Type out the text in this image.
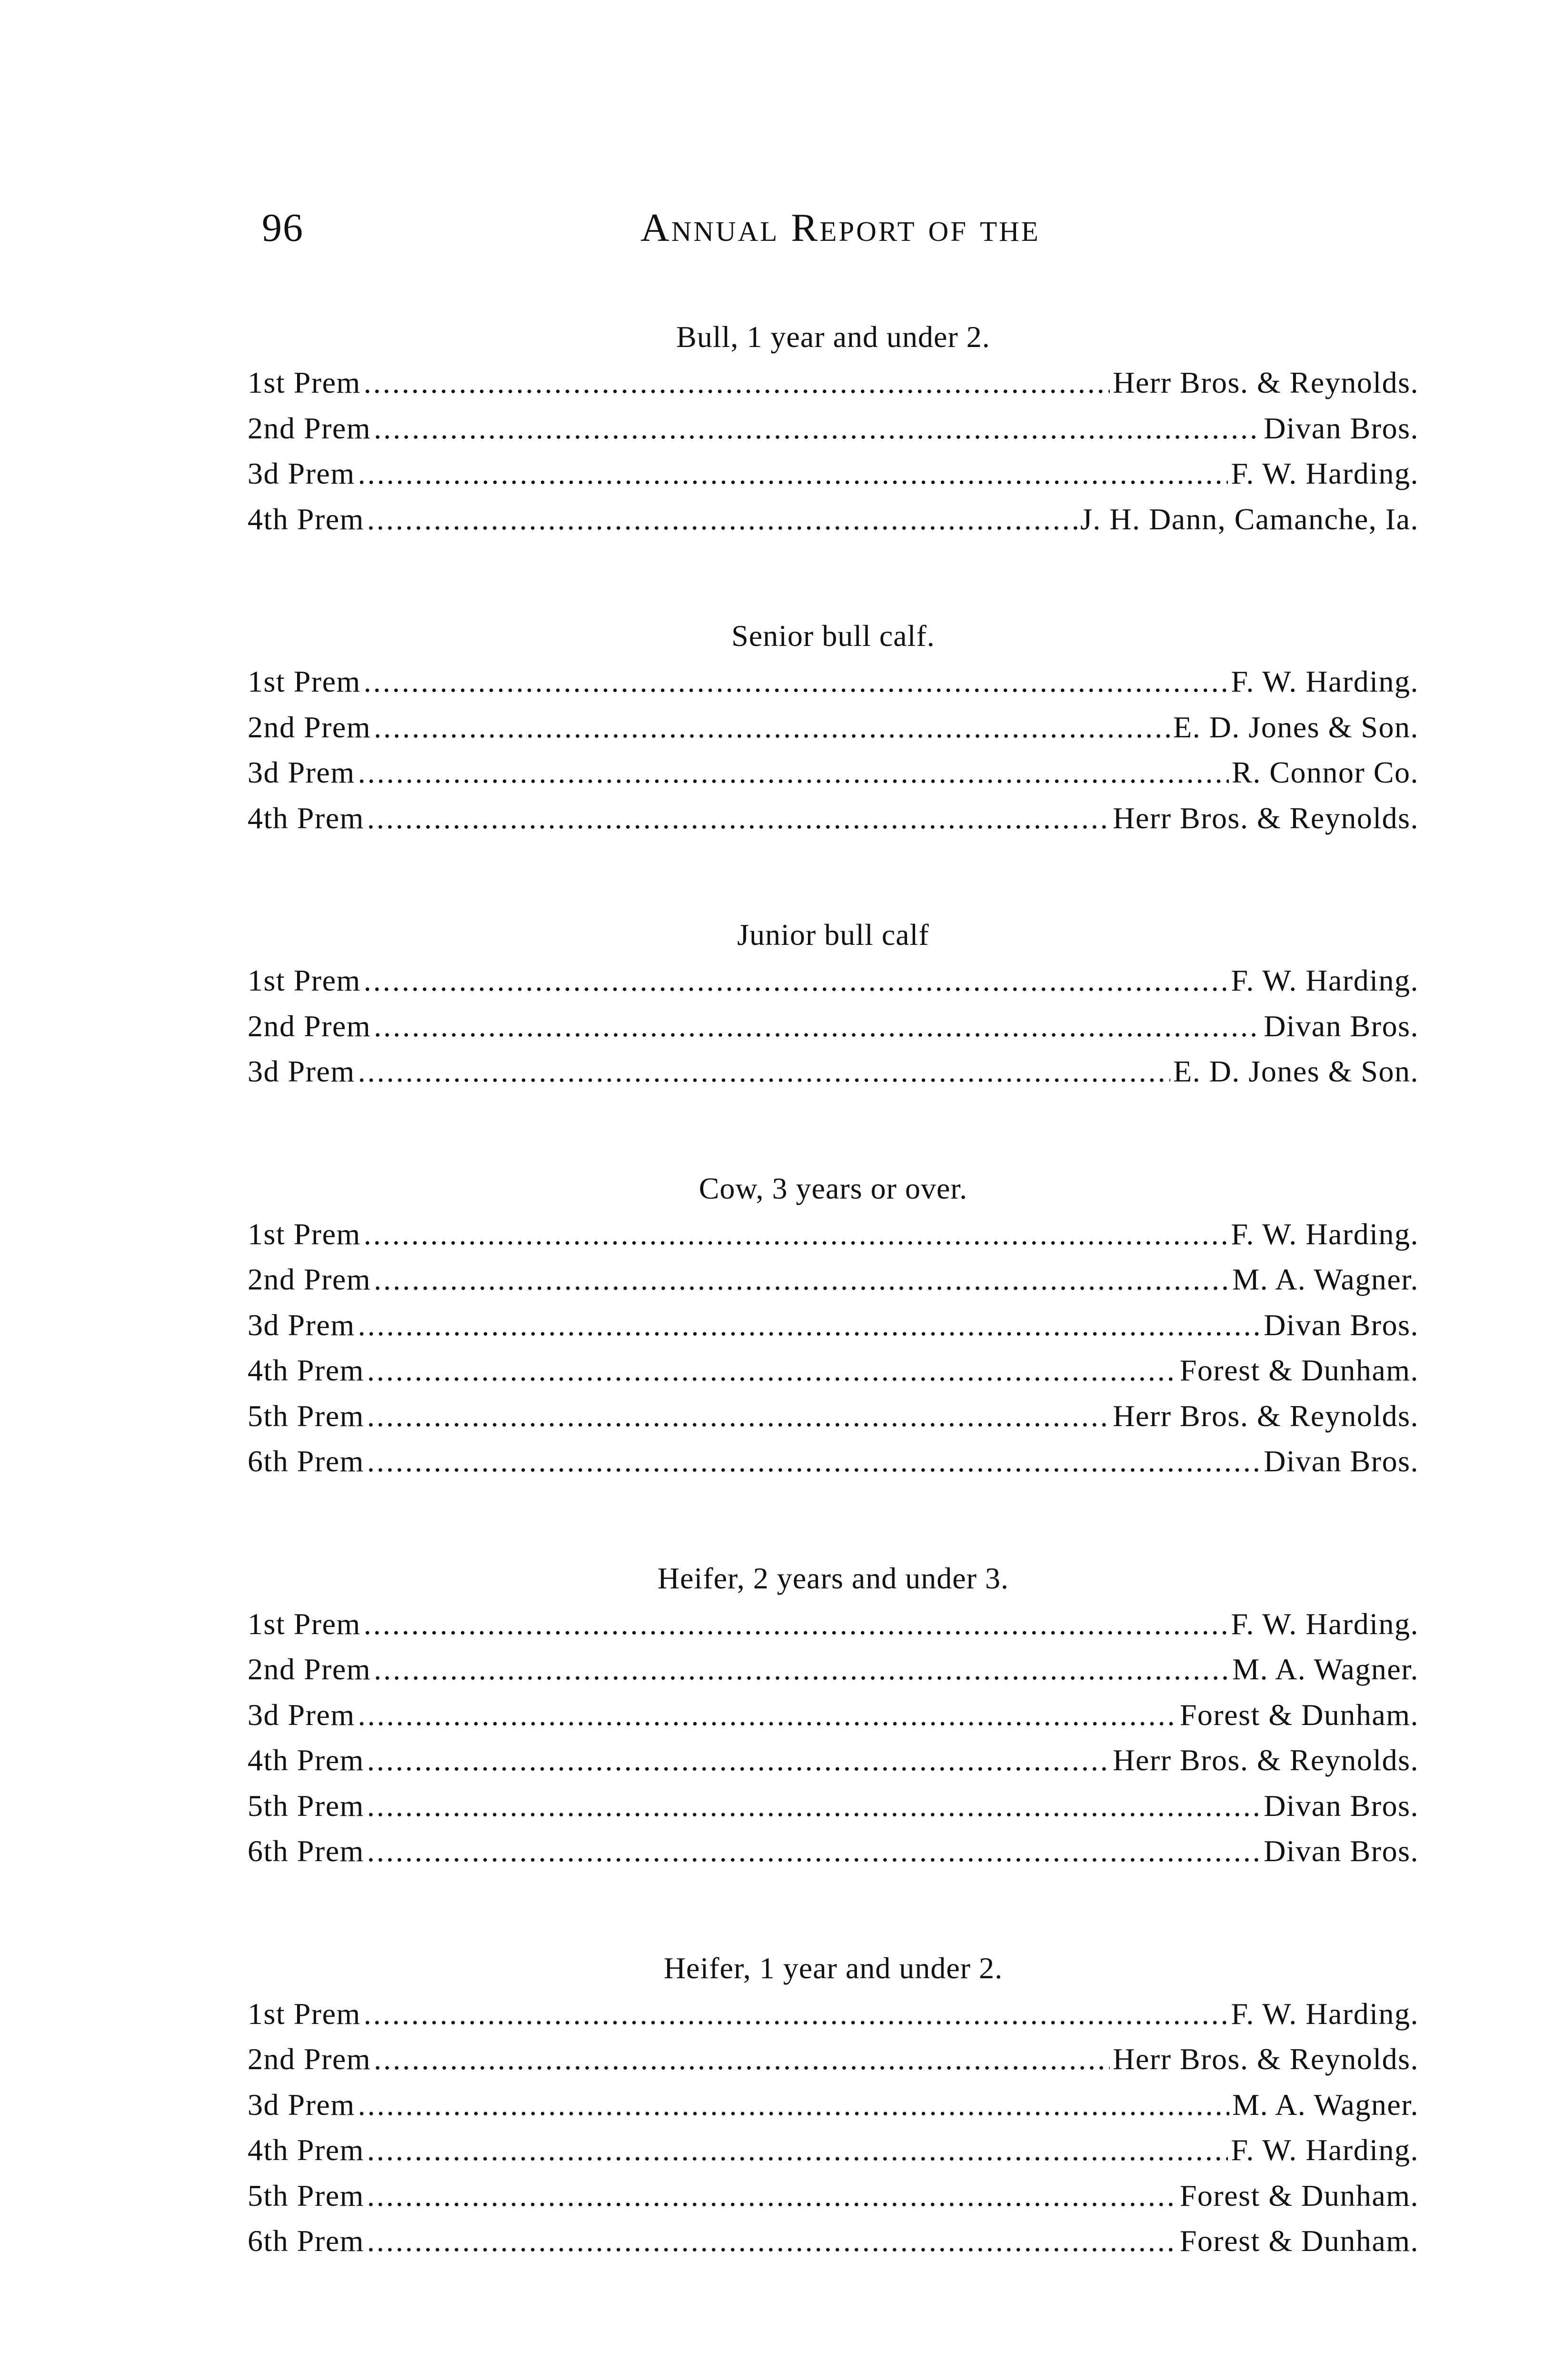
96	Annual Report of the
Bull, 1 year and under 2.
1st Prem .....	Herr Bros. & Reynolds.
2nd Prem .....	Divan Bros.
3d Prem .....	F. W. Harding.
4th Prem .....	J. H. Dann, Camanche, Ia.
Senior bull calf.
1st Prem .....	F. W. Harding.
2nd Prem .....	E. D. Jones & Son.
3d Prem .....	R. Connor Co.
4th Prem .....	Herr Bros. & Reynolds.
Junior bull calf
1st Prem .....	F. W. Harding.
2nd Prem .....	Divan Bros.
3d Prem .....	E. D. Jones & Son.
Cow, 3 years or over.
1st Prem .....	F. W. Harding.
2nd Prem .....	M. A. Wagner.
3d Prem .....	Divan Bros.
4th Prem .....	Forest & Dunham.
5th Prem .....	Herr Bros. & Reynolds.
6th Prem .....	Divan Bros.
Heifer, 2 years and under 3.
1st Prem .....	F. W. Harding.
2nd Prem .....	M. A. Wagner.
3d Prem .....	Forest & Dunham.
4th Prem .....	Herr Bros. & Reynolds.
5th Prem .....	Divan Bros.
6th Prem .....	Divan Bros.
Heifer, 1 year and under 2.
1st Prem .....	F. W. Harding.
2nd Prem .....	Herr Bros. & Reynolds.
3d Prem .....	M. A. Wagner.
4th Prem .....	F. W. Harding.
5th Prem .....	Forest & Dunham.
6th Prem .....	Forest & Dunham.
